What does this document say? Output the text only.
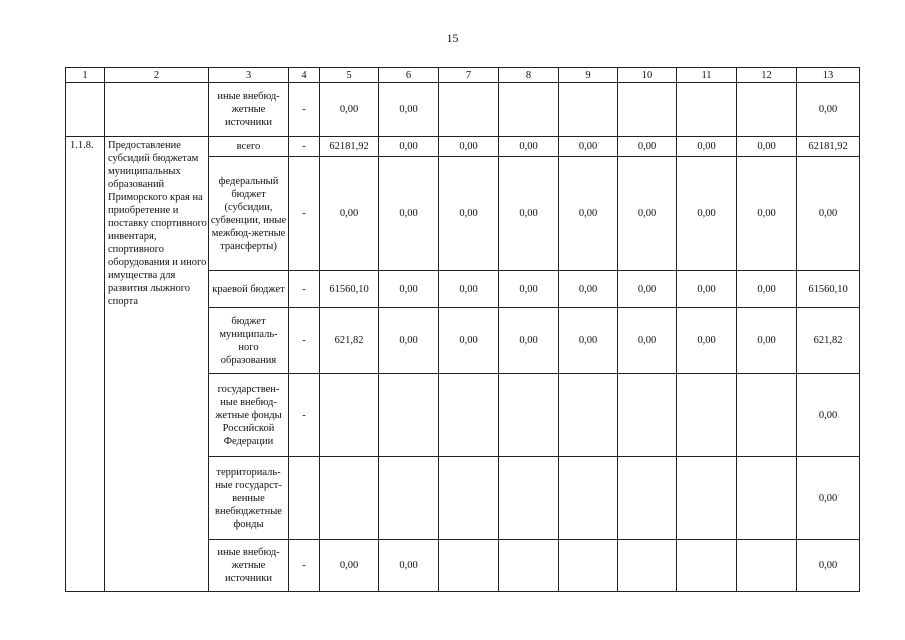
15
1	2	3	4	5	6	7	8	9	10	11	12	13
		иные внебюд-жетные источники	-	0,00	0,00							0,00
1.1.8.	Предоставление субсидий бюджетам муниципальных образований Приморского края на приобретение и поставку спортивного инвентаря, спортивного оборудования и иного имущества для развития лыжного спорта	всего	-	62181,92	0,00	0,00	0,00	0,00	0,00	0,00	0,00	62181,92
		федеральный бюджет (субсидии, субвенции, иные межбюд-жетные трансферты)	-	0,00	0,00	0,00	0,00	0,00	0,00	0,00	0,00	0,00
		краевой бюджет	-	61560,10	0,00	0,00	0,00	0,00	0,00	0,00	0,00	61560,10
		бюджет муниципаль-ного образования	-	621,82	0,00	0,00	0,00	0,00	0,00	0,00	0,00	621,82
		государствен-ные внебюд-жетные фонды Российской Федерации	-									0,00
		территориаль-ные государст-венные внебюджетные фонды										0,00
		иные внебюд-жетные источники	-	0,00	0,00							0,00
